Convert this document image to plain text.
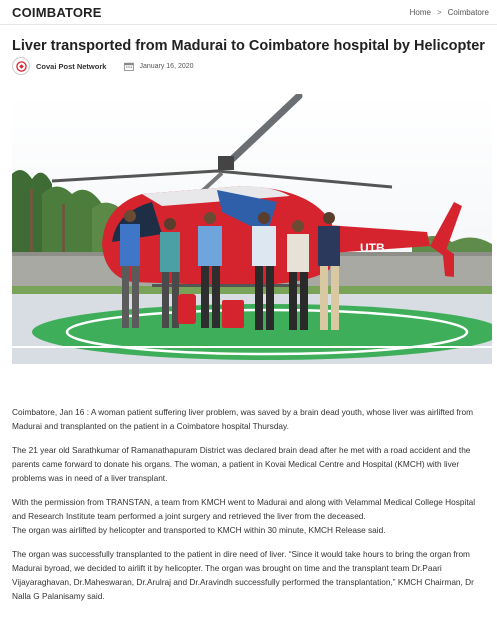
COIMBATORE	Home > Coimbatore
Liver transported from Madurai to Coimbatore hospital by Helicopter
Covai Post Network	January 16, 2020
UTB

Coimbatore, Jan 16 : A woman patient suffering liver problem, was saved by a brain dead youth, whose liver was airlifted from Madurai and transplanted on the patient in a Coimbatore hospital Thursday.

The 21 year old Sarathkumar of Ramanathapuram District was declared brain dead after he met with a road accident and the parents came forward to donate his organs. The woman, a patient in Kovai Medical Centre and Hospital (KMCH) with liver problems was in need of a liver transplant.

With the permission from TRANSTAN, a team from KMCH went to Madurai and along with Velammal Medical College Hospital and Research Institute team performed a joint surgery and retrieved the liver from the deceased.

The organ was airlifted by helicopter and transported to KMCH within 30 minute, KMCH Release said.

The organ was successfully transplanted to the patient in dire need of liver. “Since it would take hours to bring the organ from Madurai byroad, we decided to airlift it by helicopter. The organ was brought on time and the transplant team Dr.Paari Vijayaraghavan, Dr.Maheswaran, Dr.Arulraj and Dr.Aravindh successfully performed the transplantation,” KMCH Chairman, Dr Nalla G Palanisamy said.
